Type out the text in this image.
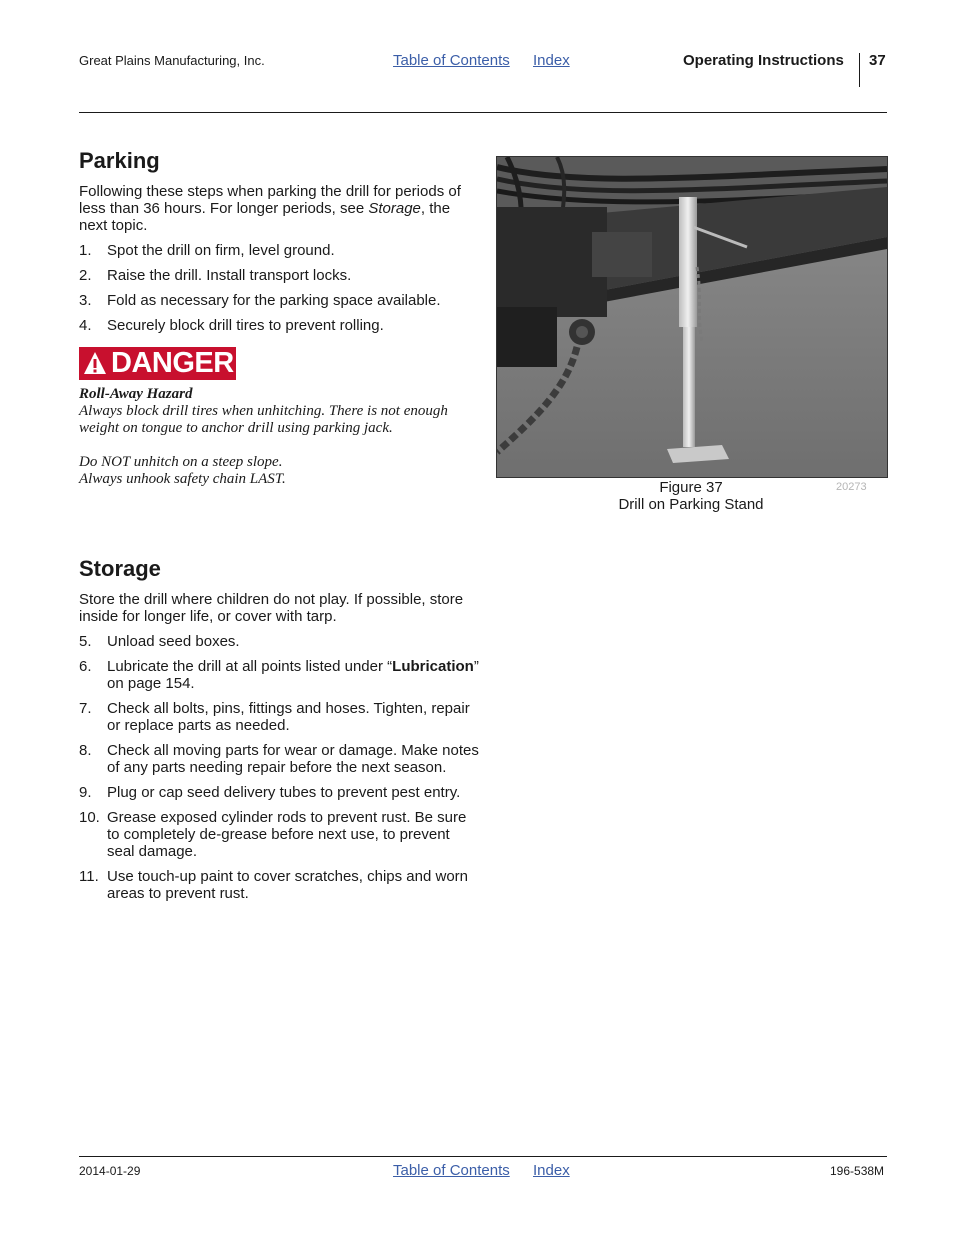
Great Plains Manufacturing, Inc.	Table of Contents Index	Operating Instructions 37
Parking
Following these steps when parking the drill for periods of less than 36 hours. For longer periods, see Storage, the next topic.
1. Spot the drill on firm, level ground.
2. Raise the drill. Install transport locks.
3. Fold as necessary for the parking space available.
4. Securely block drill tires to prevent rolling.
DANGER
Roll-Away Hazard
Always block drill tires when unhitching. There is not enough weight on tongue to anchor drill using parking jack.
Do NOT unhitch on a steep slope.
Always unhook safety chain LAST.	Figure 37
Drill on Parking Stand
20273
Storage
Store the drill where children do not play. If possible, store inside for longer life, or cover with tarp.
5. Unload seed boxes.
6. Lubricate the drill at all points listed under “Lubrication” on page 154.
7. Check all bolts, pins, fittings and hoses. Tighten, repair or replace parts as needed.
8. Check all moving parts for wear or damage. Make notes of any parts needing repair before the next season.
9. Plug or cap seed delivery tubes to prevent pest entry.
10. Grease exposed cylinder rods to prevent rust. Be sure to completely de-grease before next use, to prevent seal damage.
11. Use touch-up paint to cover scratches, chips and worn areas to prevent rust.
2014-01-29	Table of Contents Index	196-538M
